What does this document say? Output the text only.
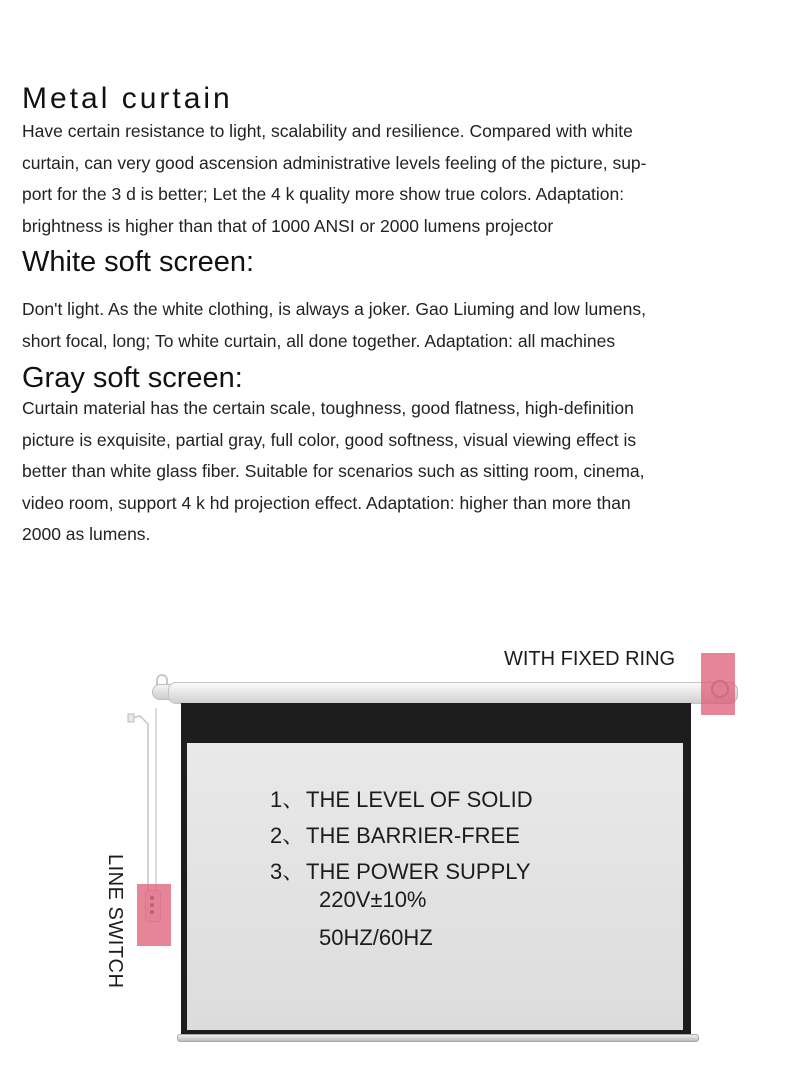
Metal curtain

Have certain resistance to light, scalability and resilience. Compared with white
curtain, can very good ascension administrative levels feeling of the picture, sup-
port for the 3 d is better; Let the 4 k quality more show true colors. Adaptation:
brightness is higher than that of 1000 ANSI or 2000 lumens projector

White soft screen:

Don't light. As the white clothing, is always a joker. Gao Liuming and low lumens,
short focal, long; To white curtain, all done together. Adaptation: all machines

Gray soft screen:

Curtain material has the certain scale, toughness, good flatness, high-definition
picture is exquisite, partial gray, full color, good softness, visual viewing effect is
better than white glass fiber. Suitable for scenarios such as sitting room, cinema,
video room, support 4 k hd projection effect. Adaptation: higher than more than
2000 as lumens.

1、THE LEVEL OF SOLID
2、THE BARRIER-FREE
3、THE POWER SUPPLY
220V±10%
50HZ/60HZ
WITH FIXED RING
LINE SWITCH
